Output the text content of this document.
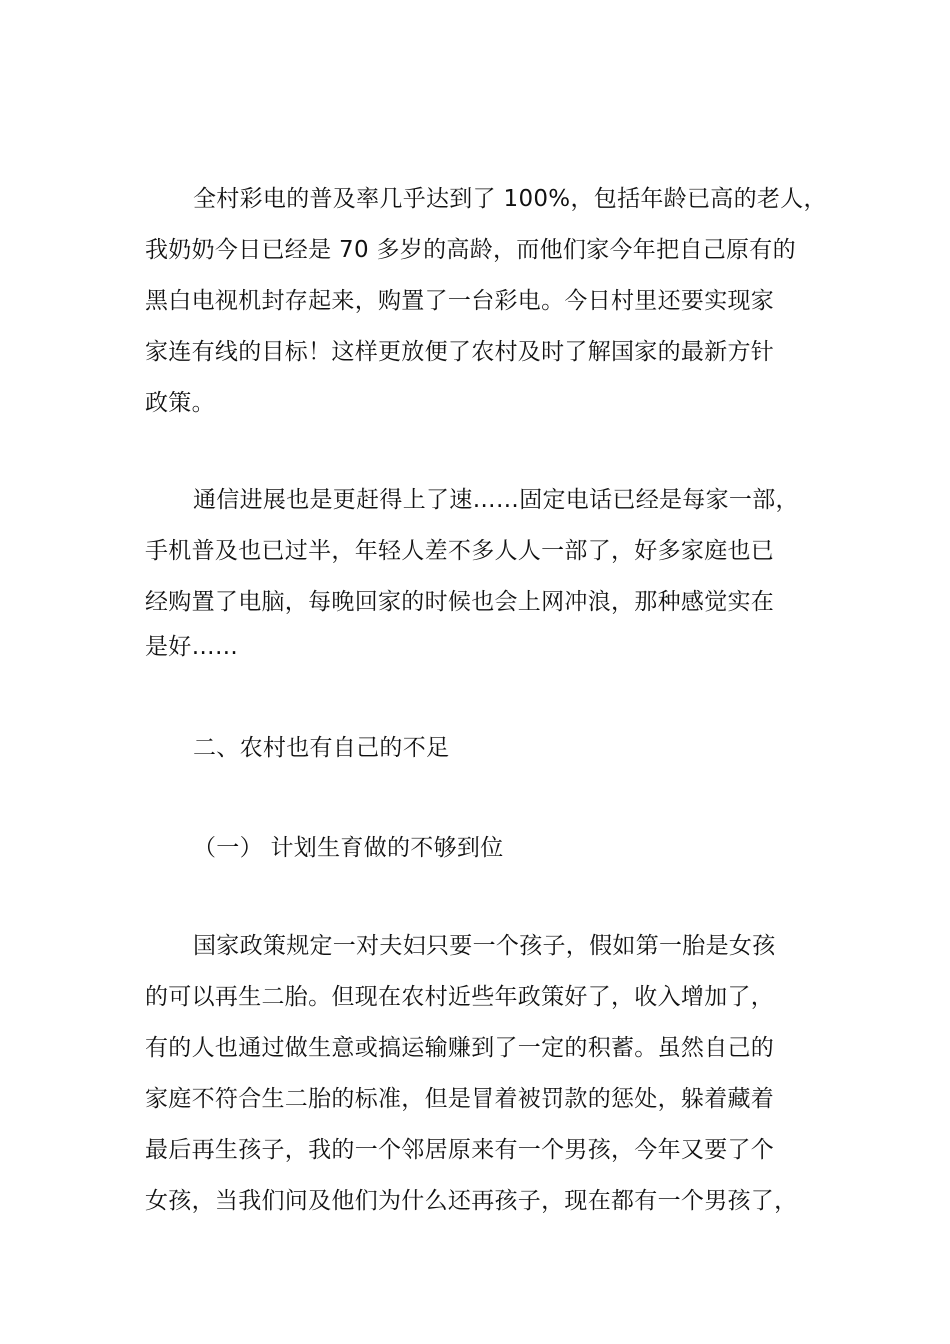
全村彩电的普及率几乎达到了 100%，包括年龄已高的老人，
我奶奶今日已经是 70 多岁的高龄，而他们家今年把自己原有的
黑白电视机封存起来，购置了一台彩电。今日村里还要实现家
家连有线的目标！这样更放便了农村及时了解国家的最新方针
政策。
通信进展也是更赶得上了速……固定电话已经是每家一部，
手机普及也已过半，年轻人差不多人人一部了，好多家庭也已
经购置了电脑，每晚回家的时候也会上网冲浪，那种感觉实在
是好……
二、农村也有自己的不足
（一） 计划生育做的不够到位
国家政策规定一对夫妇只要一个孩子，假如第一胎是女孩
的可以再生二胎。但现在农村近些年政策好了，收入增加了，
有的人也通过做生意或搞运输赚到了一定的积蓄。虽然自己的
家庭不符合生二胎的标准，但是冒着被罚款的惩处，躲着藏着
最后再生孩子，我的一个邻居原来有一个男孩，今年又要了个
女孩，当我们问及他们为什么还再孩子，现在都有一个男孩了，
